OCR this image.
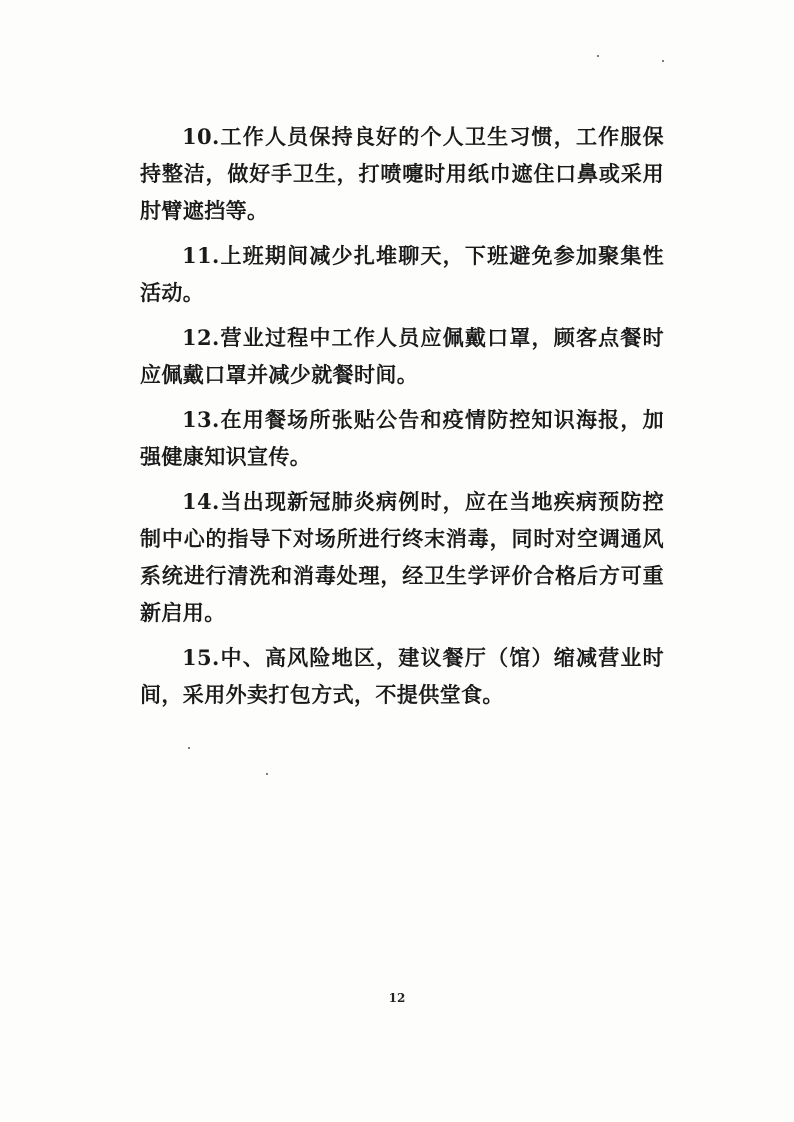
10.工作人员保持良好的个人卫生习惯，工作服保持整洁，做好手卫生，打喷嚏时用纸巾遮住口鼻或采用肘臂遮挡等。

11.上班期间减少扎堆聊天，下班避免参加聚集性活动。

12.营业过程中工作人员应佩戴口罩，顾客点餐时应佩戴口罩并减少就餐时间。

13.在用餐场所张贴公告和疫情防控知识海报，加强健康知识宣传。

14.当出现新冠肺炎病例时，应在当地疾病预防控制中心的指导下对场所进行终末消毒，同时对空调通风系统进行清洗和消毒处理，经卫生学评价合格后方可重新启用。

15.中、高风险地区，建议餐厅（馆）缩减营业时间，采用外卖打包方式，不提供堂食。

12
